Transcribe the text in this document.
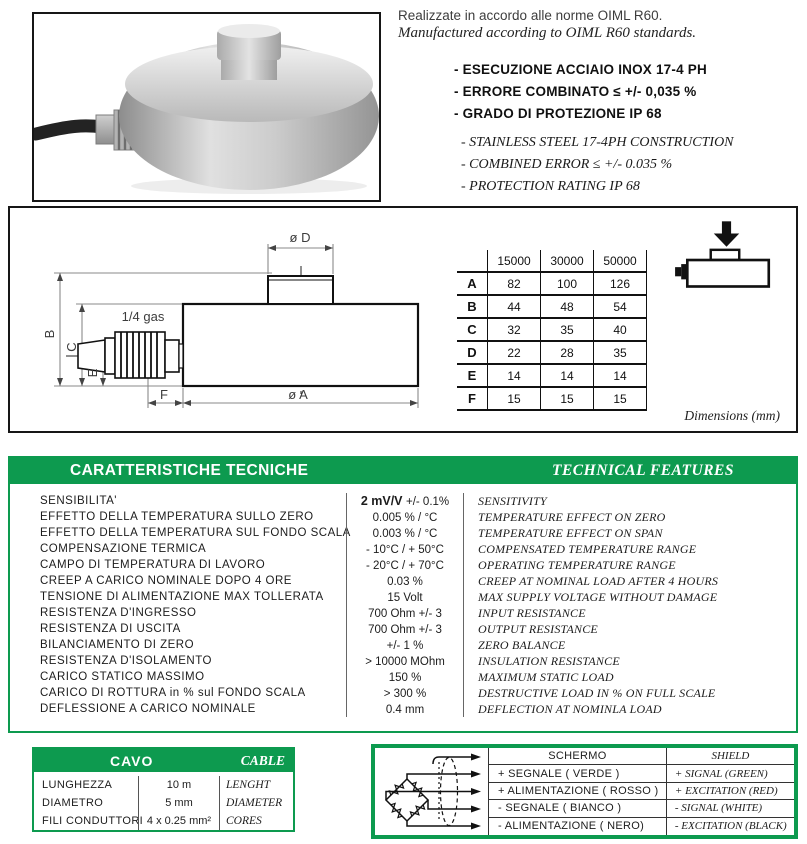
Realizzate in accordo alle norme OIML R60.

Manufactured according to OIML R60 standards.

- ESECUZIONE ACCIAIO INOX 17-4 PH
- ERRORE COMBINATO ≤ +/- 0,035 %
- GRADO DI PROTEZIONE IP 68
- STAINLESS STEEL 17-4PH CONSTRUCTION
- COMBINED ERROR ≤ +/- 0.035 %
- PROTECTION RATING IP 68
ø D
B
C
E
F	ø A
1/4 gas
	15000	30000	50000
A	82	100	126
B	44	48	54
C	32	35	40
D	22	28	35
E	14	14	14
F	15	15	15
Dimensions (mm)
CARATTERISTICHE TECNICHE	TECHNICAL FEATURES
SENSIBILITA'	2 mV/V +/- 0.1%	SENSITIVITY
EFFETTO DELLA TEMPERATURA SULLO ZERO	0.005 % / °C	TEMPERATURE EFFECT ON ZERO
EFFETTO DELLA TEMPERATURA SUL FONDO SCALA	0.003 % / °C	TEMPERATURE EFFECT ON SPAN
COMPENSAZIONE TERMICA	- 10°C / + 50°C	COMPENSATED TEMPERATURE RANGE
CAMPO DI TEMPERATURA DI LAVORO	- 20°C / + 70°C	OPERATING TEMPERATURE RANGE
CREEP A CARICO NOMINALE DOPO 4 ORE	0.03 %	CREEP AT NOMINAL LOAD AFTER 4 HOURS
TENSIONE DI ALIMENTAZIONE MAX TOLLERATA	15 Volt	MAX SUPPLY VOLTAGE WITHOUT DAMAGE
RESISTENZA D'INGRESSO	700 Ohm +/- 3	INPUT RESISTANCE
RESISTENZA DI USCITA	700 Ohm +/- 3	OUTPUT RESISTANCE
BILANCIAMENTO DI ZERO	+/- 1 %	ZERO BALANCE
RESISTENZA D'ISOLAMENTO	> 10000 MOhm	INSULATION RESISTANCE
CARICO STATICO MASSIMO	150 %	MAXIMUM STATIC LOAD
CARICO DI ROTTURA in % sul FONDO SCALA	> 300 %	DESTRUCTIVE LOAD IN % ON FULL SCALE
DEFLESSIONE A CARICO NOMINALE	0.4 mm	DEFLECTION AT NOMINLA LOAD
CAVO	CABLE
LUNGHEZZA	10 m	LENGHT
DIAMETRO	5 mm	DIAMETER
FILI CONDUTTORI 4 x 0.25 mm²	CORES
SCHERMO	SHIELD
+ SEGNALE ( VERDE )	+ SIGNAL (GREEN)
+ ALIMENTAZIONE ( ROSSO )	+ EXCITATION (RED)
- SEGNALE ( BIANCO )	- SIGNAL (WHITE)
- ALIMENTAZIONE ( NERO)	- EXCITATION (BLACK)
